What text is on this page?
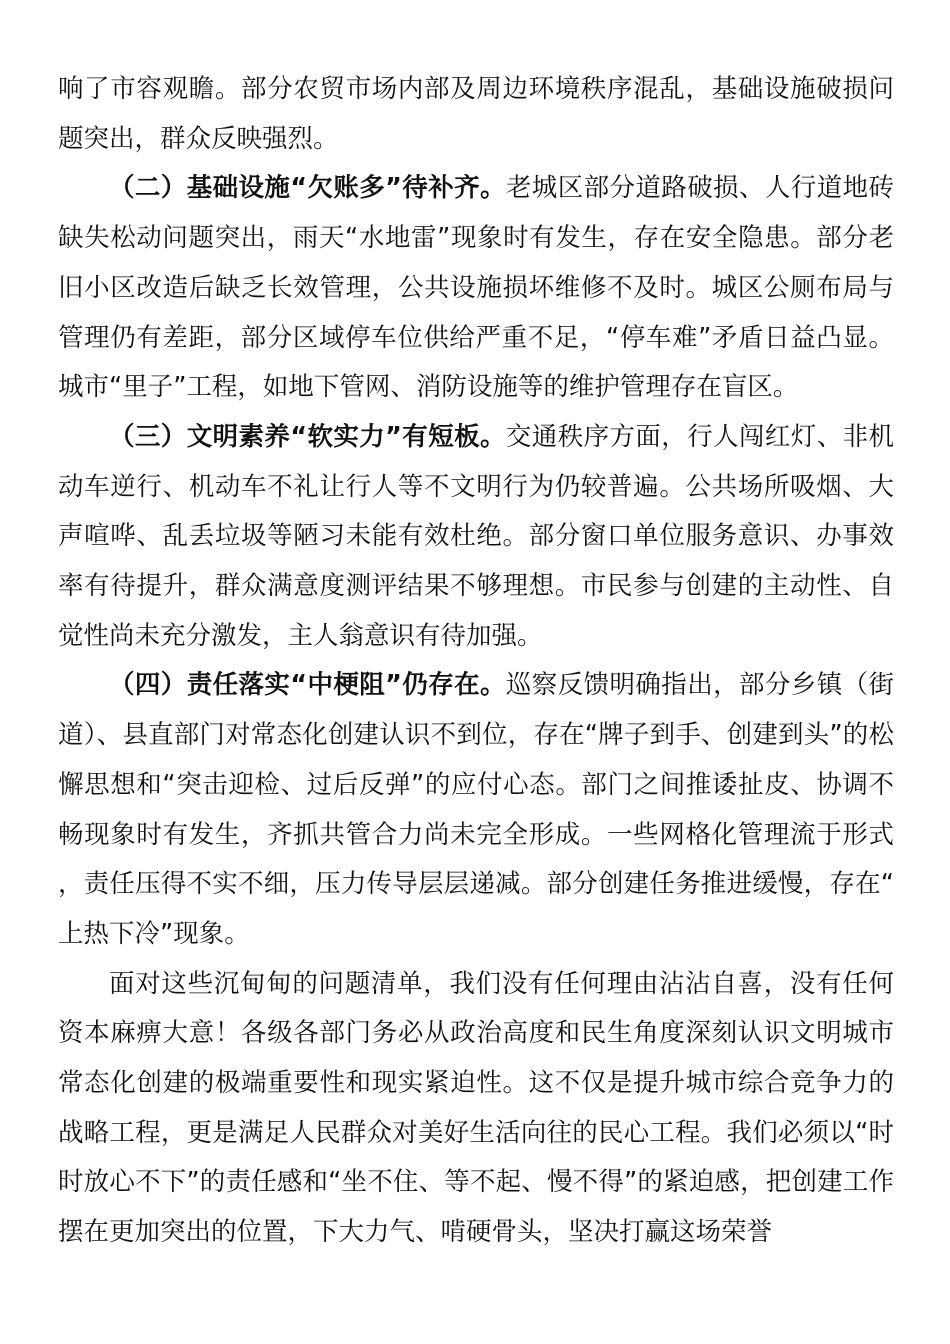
响了市容观瞻。部分农贸市场内部及周边环境秩序混乱，基础设施破损问题突出，群众反映强烈。

（二）基础设施“欠账多”待补齐。老城区部分道路破损、人行道地砖缺失松动问题突出，雨天“水地雷”现象时有发生，存在安全隐患。部分老旧小区改造后缺乏长效管理，公共设施损坏维修不及时。城区公厕布局与管理仍有差距，部分区域停车位供给严重不足，“停车难”矛盾日益凸显。城市“里子”工程，如地下管网、消防设施等的维护管理存在盲区。

（三）文明素养“软实力”有短板。交通秩序方面，行人闯红灯、非机动车逆行、机动车不礼让行人等不文明行为仍较普遍。公共场所吸烟、大声喧哗、乱丢垃圾等陋习未能有效杜绝。部分窗口单位服务意识、办事效率有待提升，群众满意度测评结果不够理想。市民参与创建的主动性、自觉性尚未充分激发，主人翁意识有待加强。

（四）责任落实“中梗阻”仍存在。巡察反馈明确指出，部分乡镇（街道）、县直部门对常态化创建认识不到位，存在“牌子到手、创建到头”的松懈思想和“突击迎检、过后反弹”的应付心态。部门之间推诿扯皮、协调不畅现象时有发生，齐抓共管合力尚未完全形成。一些网格化管理流于形式，责任压得不实不细，压力传导层层递减。部分创建任务推进缓慢，存在“上热下冷”现象。

面对这些沉甸甸的问题清单，我们没有任何理由沾沾自喜，没有任何资本麻痹大意！各级各部门务必从政治高度和民生角度深刻认识文明城市常态化创建的极端重要性和现实紧迫性。这不仅是提升城市综合竞争力的战略工程，更是满足人民群众对美好生活向往的民心工程。我们必须以“时时放心不下”的责任感和“坐不住、等不起、慢不得”的紧迫感，把创建工作摆在更加突出的位置，下大力气、啃硬骨头，坚决打赢这场荣誉
